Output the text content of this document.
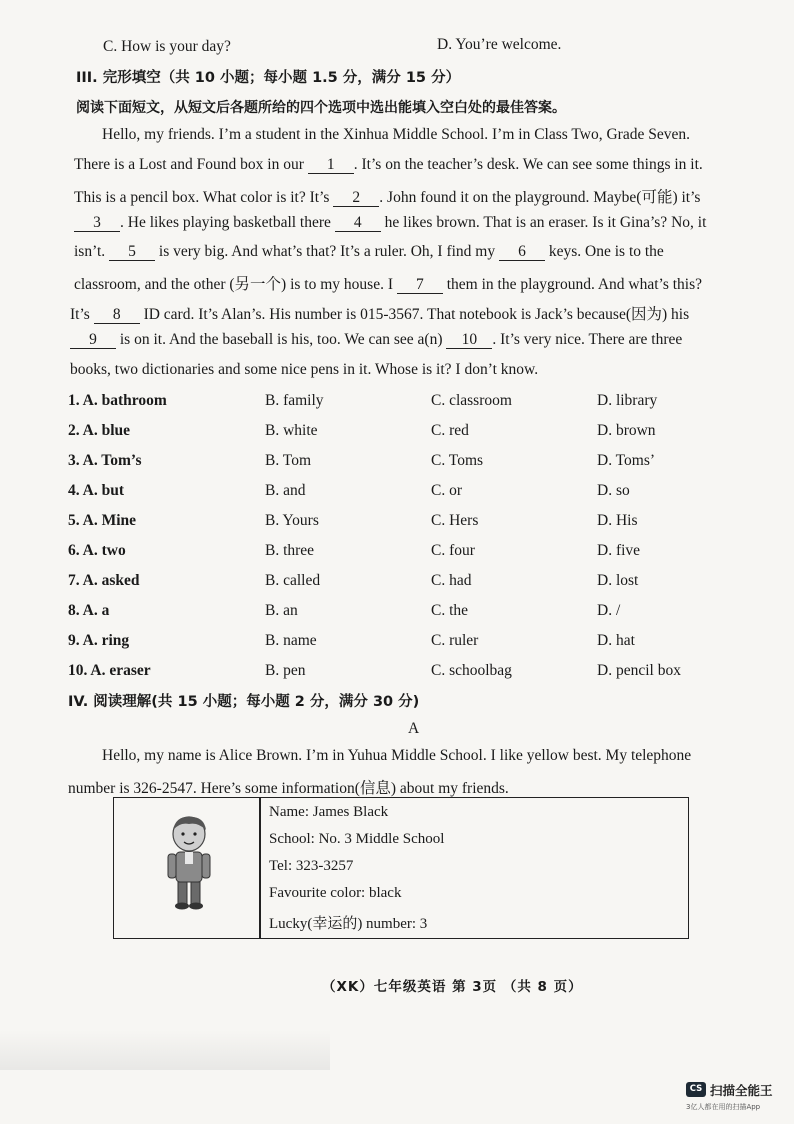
C. How is your day?	D. You’re welcome.
III. 完形填空（共 10 小题；每小题 1.5 分，满分 15 分）
阅读下面短文，从短文后各题所给的四个选项中选出能填入空白处的最佳答案。
Hello, my friends. I’m a student in the Xinhua Middle School. I’m in Class Two, Grade Seven.
There is a Lost and Found box in our 1 . It’s on the teacher’s desk. We can see some things in it.
This is a pencil box. What color is it? It’s 2 . John found it on the playground. Maybe(可能) it’s
3 . He likes playing basketball there 4 he likes brown. That is an eraser. Is it Gina’s? No, it
isn’t. 5 is very big. And what’s that? It’s a ruler. Oh, I find my 6 keys. One is to the
classroom, and the other (另一个) is to my house. I 7 them in the playground. And what’s this?
It’s 8 ID card. It’s Alan’s. His number is 015-3567. That notebook is Jack’s because(因为) his
9 is on it. And the baseball is his, too. We can see a(n) 10 . It’s very nice. There are three
books, two dictionaries and some nice pens in it. Whose is it? I don’t know.
1. A. bathroom	B. family	C. classroom	D. library
2. A. blue	B. white	C. red	D. brown
3. A. Tom’s	B. Tom	C. Toms	D. Toms’
4. A. but	B. and	C. or	D. so
5. A. Mine	B. Yours	C. Hers	D. His
6. A. two	B. three	C. four	D. five
7. A. asked	B. called	C. had	D. lost
8. A. a	B. an	C. the	D. /
9. A. ring	B. name	C. ruler	D. hat
10. A. eraser	B. pen	C. schoolbag	D. pencil box
IV. 阅读理解(共 15 小题；每小题 2 分，满分 30 分)
A
Hello, my name is Alice Brown. I’m in Yuhua Middle School. I like yellow best. My telephone
number is 326-2547. Here’s some information(信息) about my friends.
Name: James Black
School: No. 3 Middle School
Tel: 323-3257
Favourite color: black
Lucky(幸运的) number: 3
（XK）七年级英语 第 3页 （共 8 页）
CS 扫描全能王
3亿人都在用的扫描App
